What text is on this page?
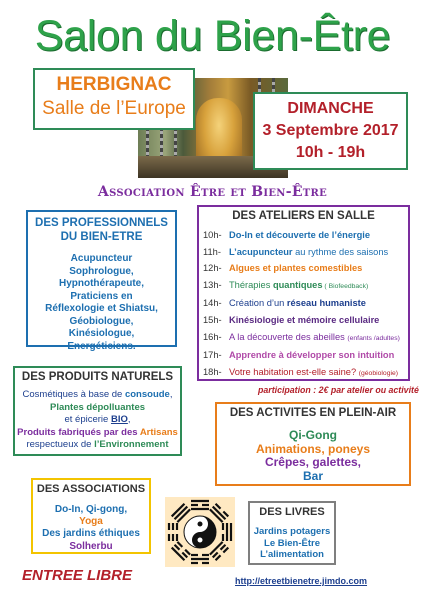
Salon du Bien-Être
HERBIGNAC
Salle de l’Europe	DIMANCHE
3 Septembre 2017
10h - 19h
Association Être et Bien-Être
DES PROFESSIONNELS
DU BIEN-ETRE
Acupuncteur
Sophrologue,
Hypnothérapeute,
Praticiens en
Réflexologie et Shiatsu,
Géobiologue,
Kinésiologue,
Energéticiens.
DES ATELIERS EN SALLE
10h- Do-In et découverte de l’énergie
11h- L’acupuncteur au rythme des saisons
12h- Algues et plantes comestibles
13h- Thérapies quantiques ( Biofeedback)
14h- Création d’un réseau humaniste
15h- Kinésiologie et mémoire cellulaire
16h- A la découverte des abeilles (enfants /adultes)
17h- Apprendre à développer son intuition
18h- Votre habitation est-elle saine? (géobiologie)
participation : 2€ par atelier ou activité
DES PRODUITS NATURELS
Cosmétiques à base de consoude,
Plantes dépolluantes
et épicerie BIO,
Produits fabriqués par des Artisans
respectueux de l’Environnement
DES ACTIVITES EN PLEIN-AIR
Qi-Gong
Animations, poneys
Crêpes, galettes,
Bar
DES ASSOCIATIONS
Do-In, Qi-gong,
Yoga
Des jardins éthiques
Solherbu
DES LIVRES
Jardins potagers
Le Bien-Être
L’alimentation
ENTREE LIBRE	http://etreetbienetre.jimdo.com
